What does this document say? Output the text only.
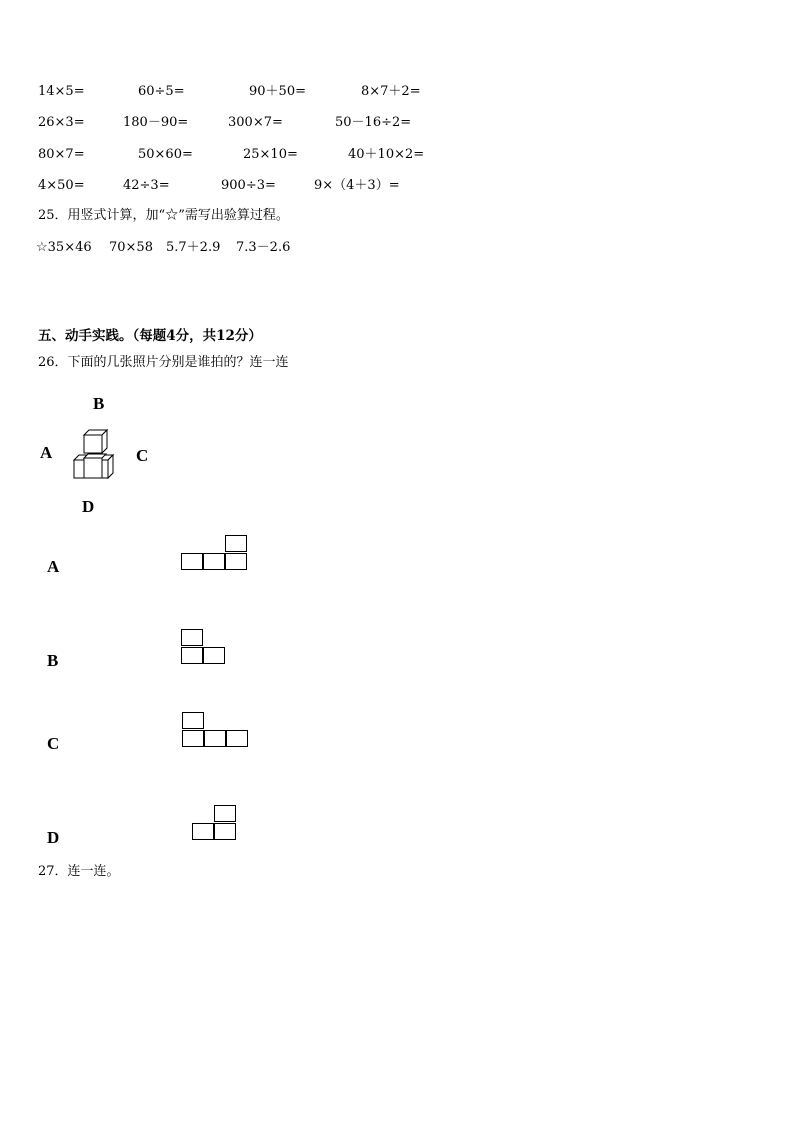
14×5=	60÷5=	90＋50=	8×7＋2=
26×3=	180－90=	300×7=	50－16÷2=
80×7=	50×60=	25×10=	40＋10×2=
4×50=	42÷3=	900÷3=	9×（4＋3）=
25．用竖式计算，加“☆”需写出验算过程。
☆35×46 70×58 5.7＋2.9 7.3－2.6
五、动手实践。（每题4分，共12分）
26．下面的几张照片分别是谁拍的？连一连
B
A	C
D
A
B
C
D
27．连一连。
